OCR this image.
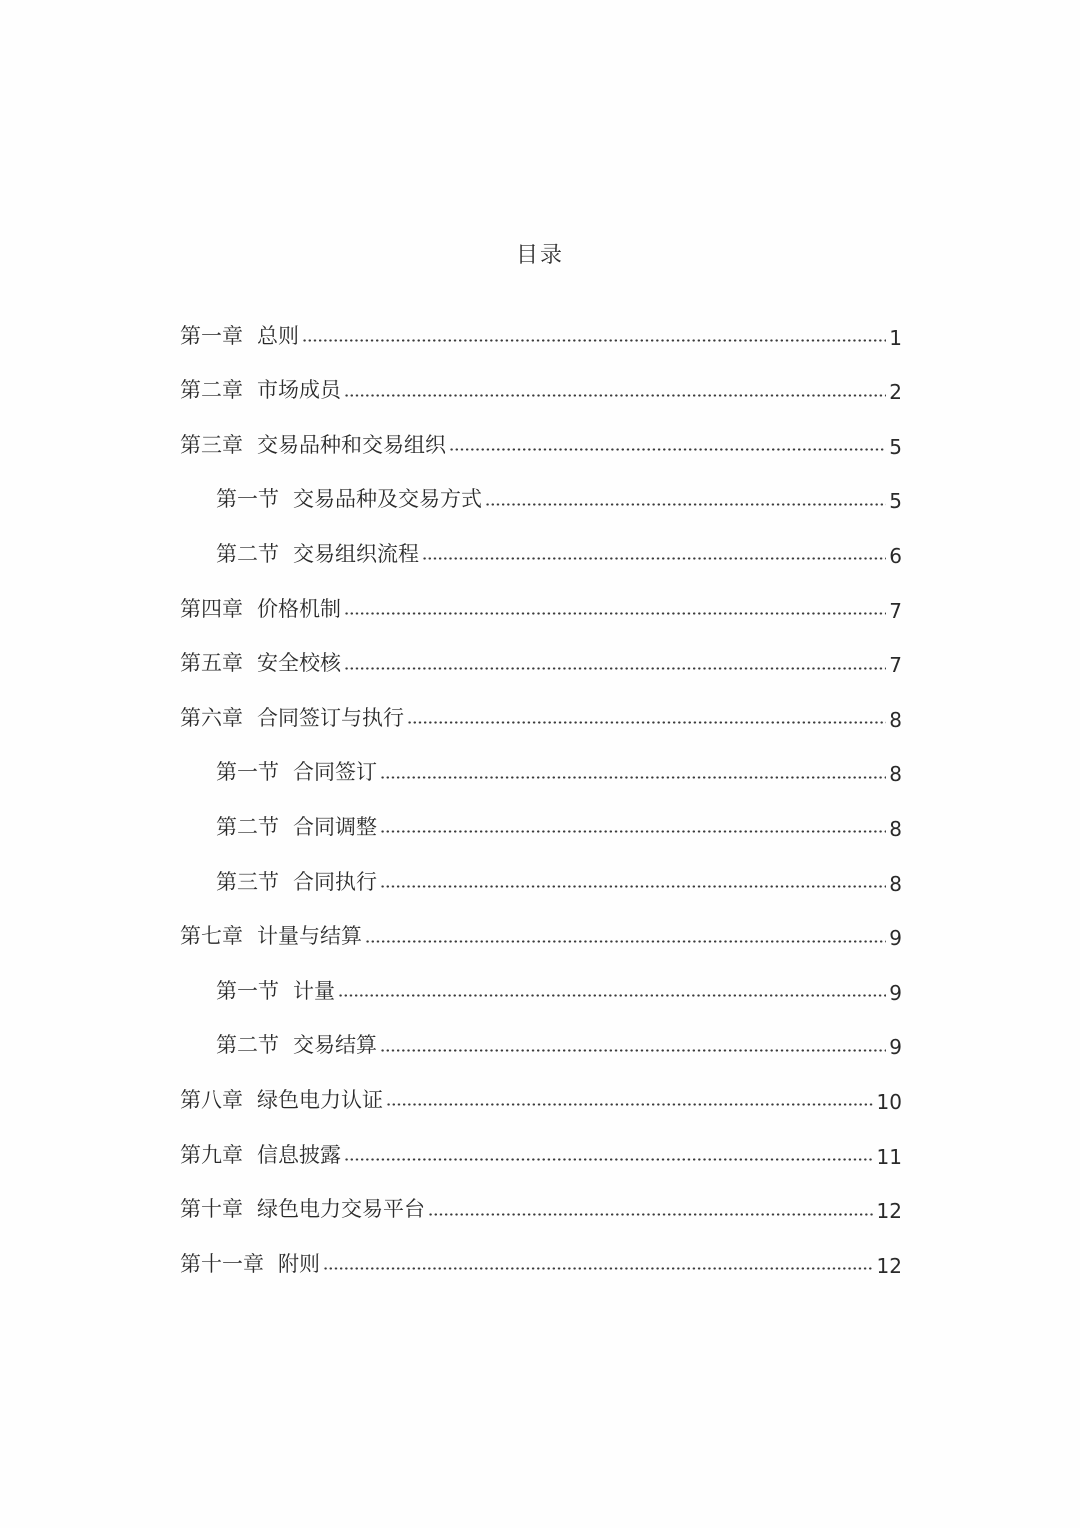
目录
第一章 总则	1
第二章 市场成员	2
第三章 交易品种和交易组织	5
第一节 交易品种及交易方式	5
第二节 交易组织流程	6
第四章 价格机制	7
第五章 安全校核	7
第六章 合同签订与执行	8
第一节 合同签订	8
第二节 合同调整	8
第三节 合同执行	8
第七章 计量与结算	9
第一节 计量	9
第二节 交易结算	9
第八章 绿色电力认证	10
第九章 信息披露	11
第十章 绿色电力交易平台	12
第十一章 附则	12
